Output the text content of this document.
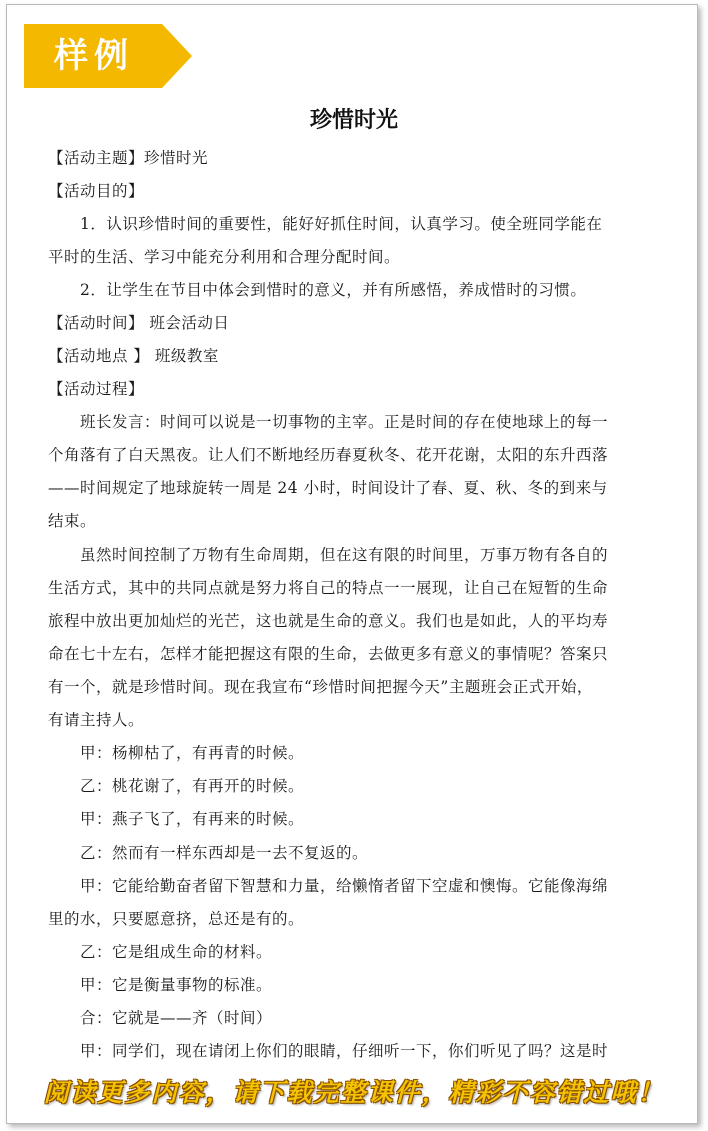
样例
珍惜时光
【活动主题】珍惜时光
【活动目的】
1．认识珍惜时间的重要性，能好好抓住时间，认真学习。使全班同学能在
平时的生活、学习中能充分利用和合理分配时间。
2．让学生在节目中体会到惜时的意义，并有所感悟，养成惜时的习惯。
【活动时间】 班会活动日
【活动地点 】 班级教室
【活动过程】
班长发言：时间可以说是一切事物的主宰。正是时间的存在使地球上的每一
个角落有了白天黑夜。让人们不断地经历春夏秋冬、花开花谢，太阳的东升西落
——时间规定了地球旋转一周是 24 小时，时间设计了春、夏、秋、冬的到来与
结束。
虽然时间控制了万物有生命周期，但在这有限的时间里，万事万物有各自的
生活方式，其中的共同点就是努力将自己的特点一一展现，让自己在短暂的生命
旅程中放出更加灿烂的光芒，这也就是生命的意义。我们也是如此，人的平均寿
命在七十左右，怎样才能把握这有限的生命，去做更多有意义的事情呢？答案只
有一个，就是珍惜时间。现在我宣布“珍惜时间把握今天”主题班会正式开始，
有请主持人。
甲：杨柳枯了，有再青的时候。
乙：桃花谢了，有再开的时候。
甲：燕子飞了，有再来的时候。
乙：然而有一样东西却是一去不复返的。
甲：它能给勤奋者留下智慧和力量，给懒惰者留下空虚和懊悔。它能像海绵
里的水，只要愿意挤，总还是有的。
乙：它是组成生命的材料。
甲：它是衡量事物的标准。
合：它就是——齐（时间）
甲：同学们，现在请闭上你们的眼睛，仔细听一下，你们听见了吗？这是时
阅读更多内容，请下载完整课件，精彩不容错过哦！
